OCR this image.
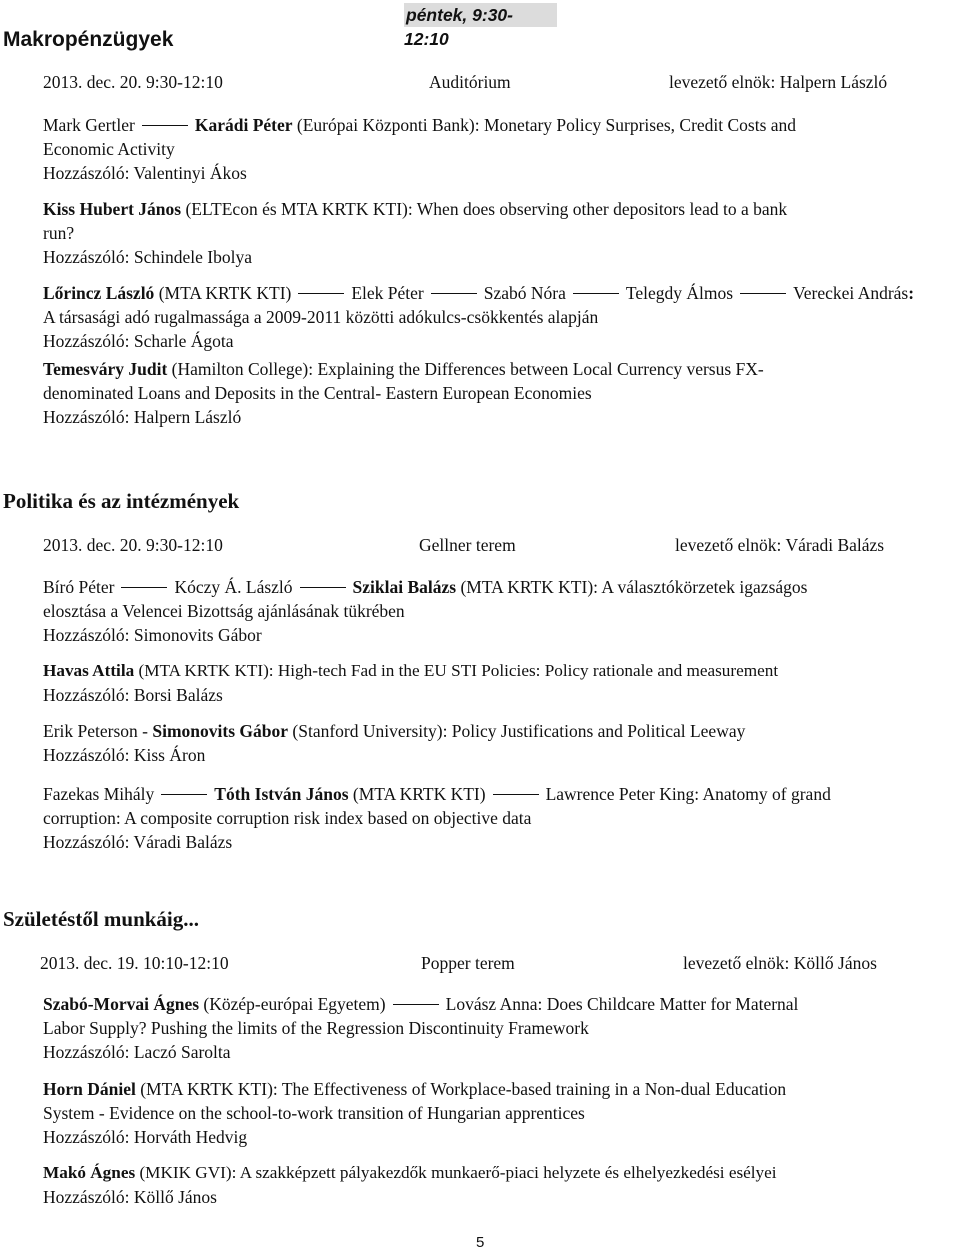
péntek, 9:30-12:10
Makropénzügyek
2013. dec. 20. 9:30-12:10	Auditórium	levezető elnök: Halpern László
Mark Gertler	Karádi Péter (Európai Központi Bank): Monetary Policy Surprises, Credit Costs and
Economic Activity
Hozzászóló: Valentinyi Ákos
Kiss Hubert János (ELTEcon és MTA KRTK KTI): When does observing other depositors lead to a bank
run?
Hozzászóló: Schindele Ibolya
Lőrincz László (MTA KRTK KTI)	Elek Péter	Szabó Nóra	Telegdy Álmos	Vereckei András:
A társasági adó rugalmassága a 2009-2011 közötti adókulcs-csökkentés alapján
Hozzászóló: Scharle Ágota
Temesváry Judit (Hamilton College): Explaining the Differences between Local Currency versus FX-
denominated Loans and Deposits in the Central- Eastern European Economies
Hozzászóló: Halpern László
Politika és az intézmények
2013. dec. 20. 9:30-12:10	Gellner terem	levezető elnök: Váradi Balázs
Bíró Péter	Kóczy Á. László	Sziklai Balázs (MTA KRTK KTI): A választókörzetek igazságos
elosztása a Velencei Bizottság ajánlásának tükrében
Hozzászóló: Simonovits Gábor
Havas Attila (MTA KRTK KTI): High-tech Fad in the EU STI Policies: Policy rationale and measurement
Hozzászóló: Borsi Balázs
Erik Peterson - Simonovits Gábor (Stanford University): Policy Justifications and Political Leeway
Hozzászóló: Kiss Áron
Fazekas Mihály	Tóth István János (MTA KRTK KTI)	Lawrence Peter King: Anatomy of grand
corruption: A composite corruption risk index based on objective data
Hozzászóló: Váradi Balázs
Születéstől munkáig...
2013. dec. 19. 10:10-12:10	Popper terem	levezető elnök: Köllő János
Szabó-Morvai Ágnes (Közép-európai Egyetem)	Lovász Anna: Does Childcare Matter for Maternal
Labor Supply? Pushing the limits of the Regression Discontinuity Framework
Hozzászóló: Laczó Sarolta
Horn Dániel (MTA KRTK KTI): The Effectiveness of Workplace-based training in a Non-dual Education
System - Evidence on the school-to-work transition of Hungarian apprentices
Hozzászóló: Horváth Hedvig
Makó Ágnes (MKIK GVI): A szakképzett pályakezdők munkaerő-piaci helyzete és elhelyezkedési esélyei
Hozzászóló: Köllő János
5
